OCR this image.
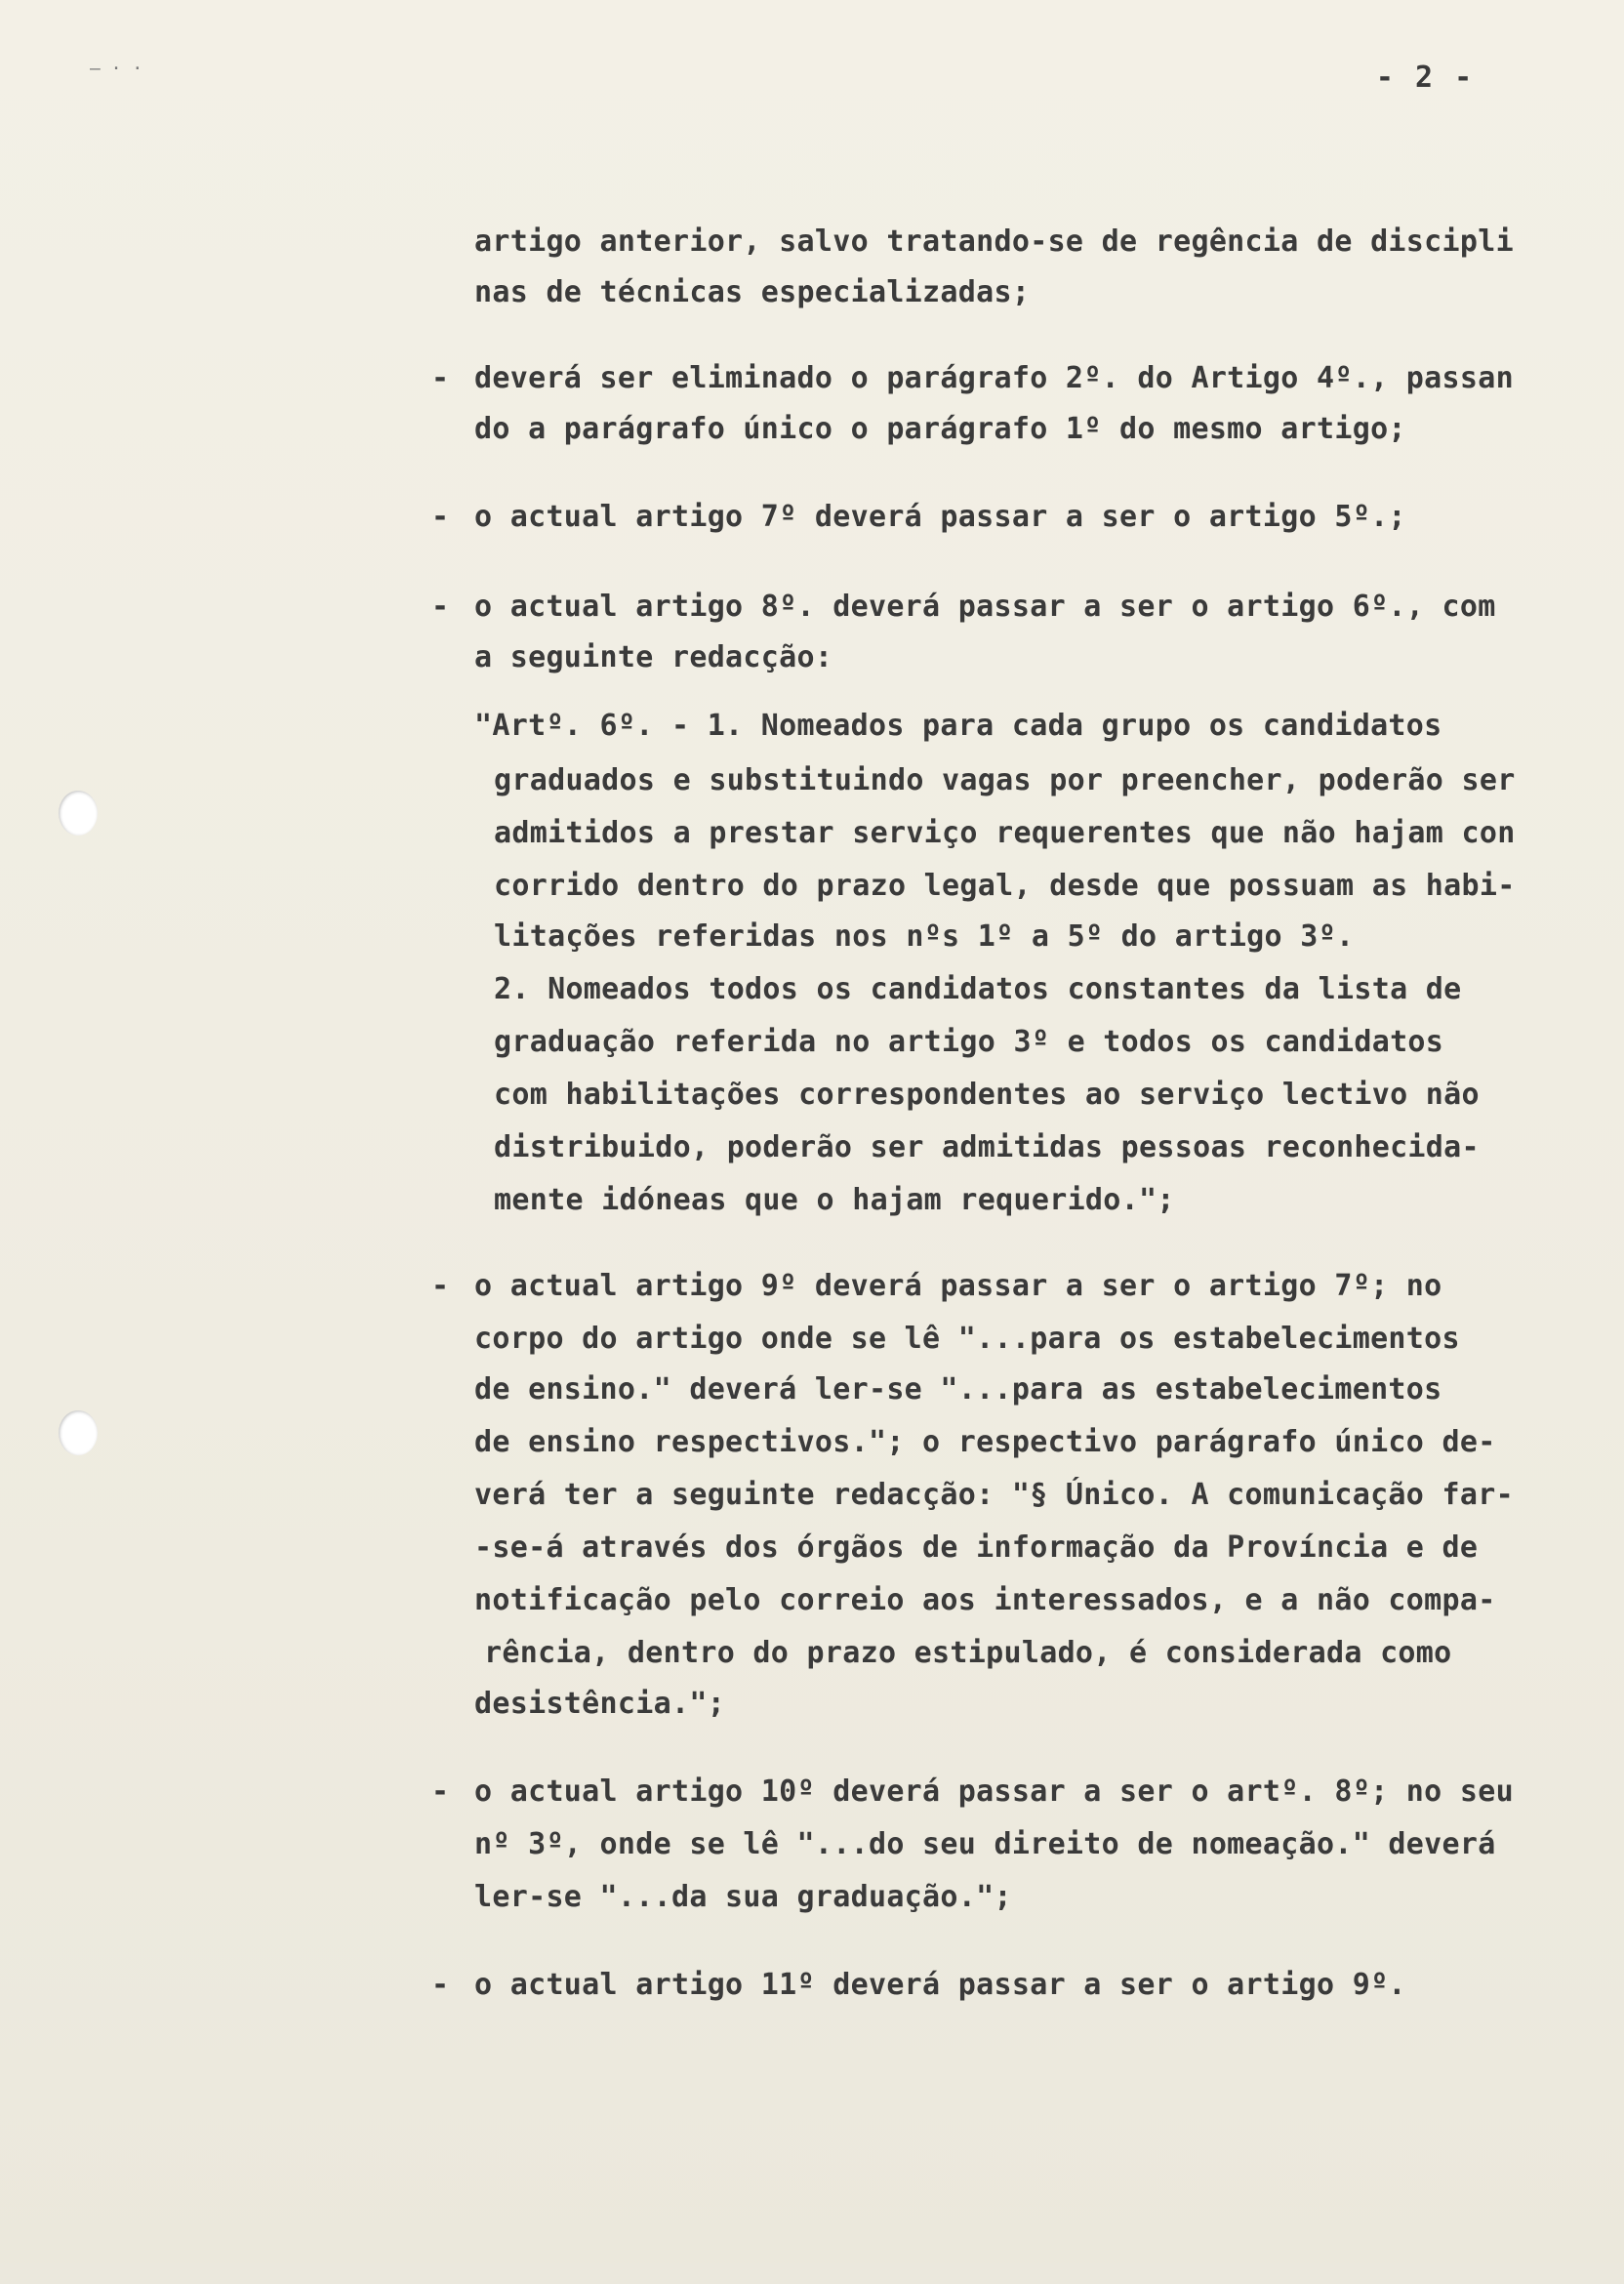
— · ·	- 2 -
artigo anterior, salvo tratando-se de regência de discipli
nas de técnicas especializadas;
deverá ser eliminado o parágrafo 2º. do Artigo 4º., passan
-
do a parágrafo único o parágrafo 1º do mesmo artigo;
o actual artigo 7º deverá passar a ser o artigo 5º.;
-
o actual artigo 8º. deverá passar a ser o artigo 6º., com
-
a seguinte redacção:
"Artº. 6º. - 1. Nomeados para cada grupo os candidatos
graduados e substituindo vagas por preencher, poderão ser
admitidos a prestar serviço requerentes que não hajam con
corrido dentro do prazo legal, desde que possuam as habi-
litações referidas nos nºs 1º a 5º do artigo 3º.
2. Nomeados todos os candidatos constantes da lista de
graduação referida no artigo 3º e todos os candidatos
com habilitações correspondentes ao serviço lectivo não
distribuido, poderão ser admitidas pessoas reconhecida-
mente idóneas que o hajam requerido.";
o actual artigo 9º deverá passar a ser o artigo 7º; no
-
corpo do artigo onde se lê "...para os estabelecimentos
de ensino." deverá ler-se "...para as estabelecimentos
de ensino respectivos."; o respectivo parágrafo único de-
verá ter a seguinte redacção: "§ Único. A comunicação far-
-se-á através dos órgãos de informação da Província e de
notificação pelo correio aos interessados, e a não compa-
rência, dentro do prazo estipulado, é considerada como
desistência.";
o actual artigo 10º deverá passar a ser o artº. 8º; no seu
-
nº 3º, onde se lê "...do seu direito de nomeação." deverá
ler-se "...da sua graduação.";
o actual artigo 11º deverá passar a ser o artigo 9º.
-
